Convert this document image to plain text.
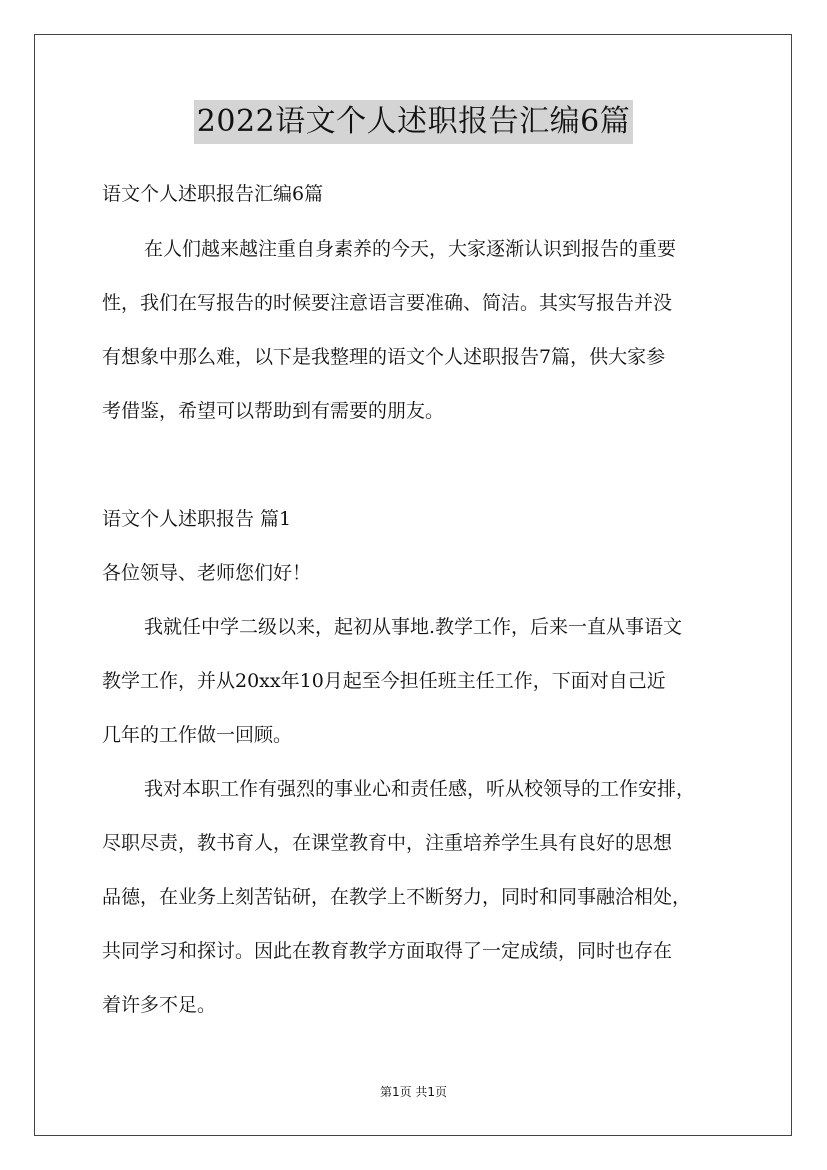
2022语文个人述职报告汇编6篇
语文个人述职报告汇编6篇
在人们越来越注重自身素养的今天，大家逐渐认识到报告的重要
性，我们在写报告的时候要注意语言要准确、简洁。其实写报告并没
有想象中那么难，以下是我整理的语文个人述职报告7篇，供大家参
考借鉴，希望可以帮助到有需要的朋友。
语文个人述职报告 篇1
各位领导、老师您们好！
我就任中学二级以来，起初从事地.教学工作，后来一直从事语文
教学工作，并从20xx年10月起至今担任班主任工作，下面对自己近
几年的工作做一回顾。
我对本职工作有强烈的事业心和责任感，听从校领导的工作安排，
尽职尽责，教书育人，在课堂教育中，注重培养学生具有良好的思想
品德，在业务上刻苦钻研，在教学上不断努力，同时和同事融洽相处，
共同学习和探讨。因此在教育教学方面取得了一定成绩，同时也存在
着许多不足。
第1页 共1页
